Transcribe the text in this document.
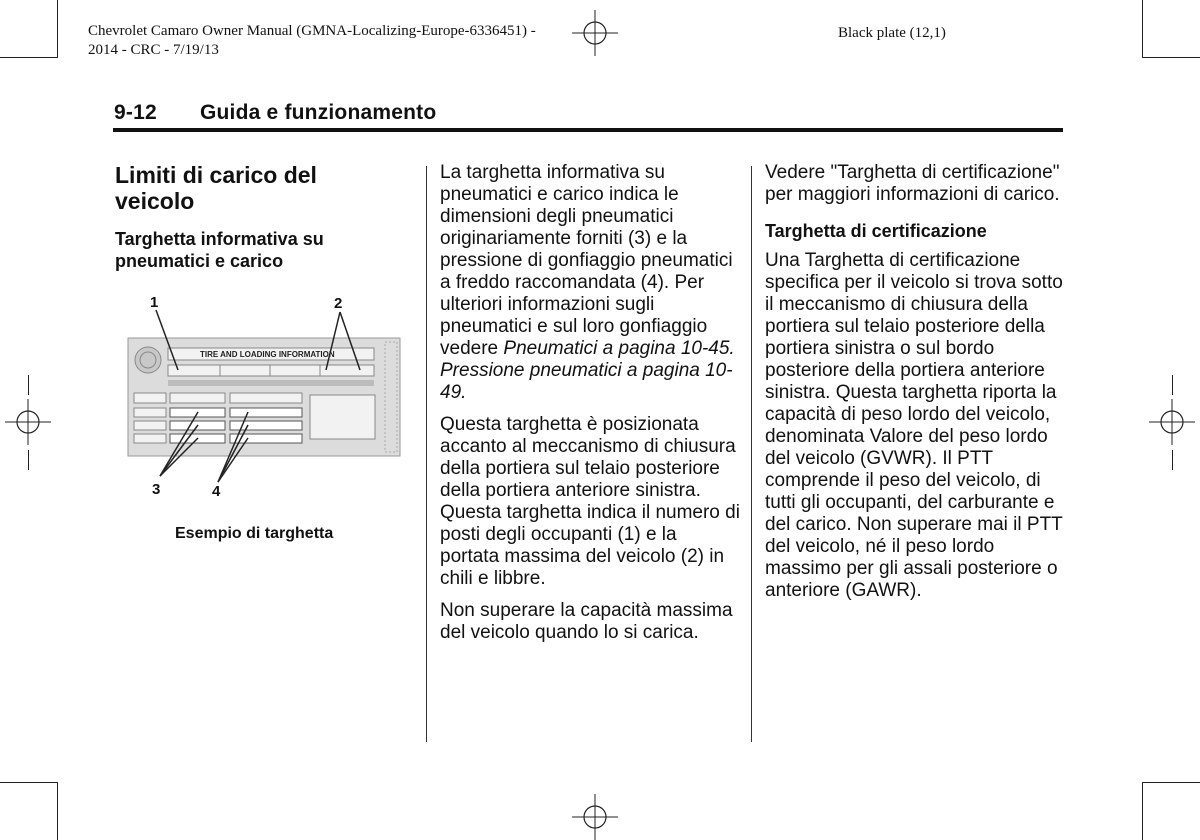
Chevrolet Camaro Owner Manual (GMNA-Localizing-Europe-6336451) -
2014 - CRC - 7/19/13
Black plate (12,1)
9-12 Guida e funzionamento
Limiti di carico del veicolo
Targhetta informativa su pneumatici e carico
1	2
3	4
TIRE AND LOADING INFORMATION
Esempio di targhetta

La targhetta informativa su pneumatici e carico indica le dimensioni degli pneumatici originariamente forniti (3) e la pressione di gonfiaggio pneumatici a freddo raccomandata (4). Per ulteriori informazioni sugli pneumatici e sul loro gonfiaggio vedere Pneumatici a pagina 10-45. Pressione pneumatici a pagina 10-49.

Questa targhetta è posizionata accanto al meccanismo di chiusura della portiera sul telaio posteriore della portiera anteriore sinistra. Questa targhetta indica il numero di posti degli occupanti (1) e la portata massima del veicolo (2) in chili e libbre.

Non superare la capacità massima del veicolo quando lo si carica.

Vedere "Targhetta di certificazione" per maggiori informazioni di carico.

Targhetta di certificazione

Una Targhetta di certificazione specifica per il veicolo si trova sotto il meccanismo di chiusura della portiera sul telaio posteriore della portiera sinistra o sul bordo posteriore della portiera anteriore sinistra. Questa targhetta riporta la capacità di peso lordo del veicolo, denominata Valore del peso lordo del veicolo (GVWR). Il PTT comprende il peso del veicolo, di tutti gli occupanti, del carburante e del carico. Non superare mai il PTT del veicolo, né il peso lordo massimo per gli assali posteriore o anteriore (GAWR).
